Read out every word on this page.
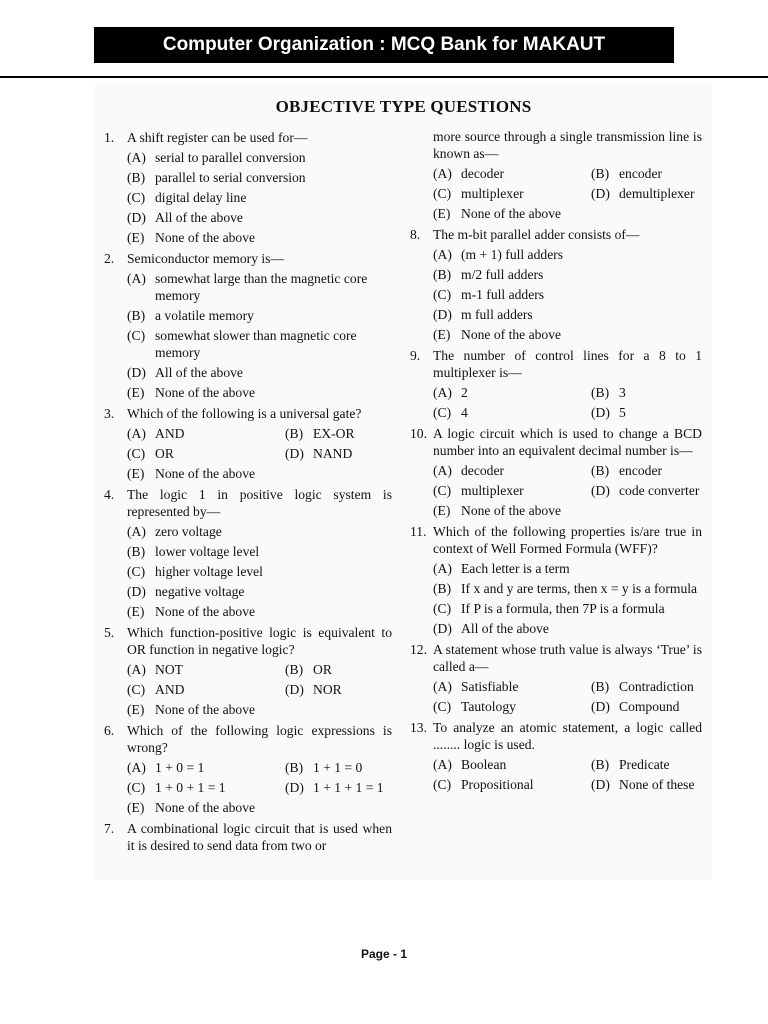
Computer Organization : MCQ Bank for MAKAUT
OBJECTIVE TYPE QUESTIONS
1. A shift register can be used for—
(A) serial to parallel conversion
(B) parallel to serial conversion
(C) digital delay line
(D) All of the above
(E) None of the above
2. Semiconductor memory is—
(A) somewhat large than the magnetic core memory
(B) a volatile memory
(C) somewhat slower than magnetic core memory
(D) All of the above
(E) None of the above
3. Which of the following is a universal gate?
(A) AND	(B) EX-OR
(C) OR	(D) NAND
(E) None of the above
4. The logic 1 in positive logic system is represented by—
(A) zero voltage
(B) lower voltage level
(C) higher voltage level
(D) negative voltage
(E) None of the above
5. Which function-positive logic is equivalent to OR function in negative logic?
(A) NOT	(B) OR
(C) AND	(D) NOR
(E) None of the above
6. Which of the following logic expressions is wrong?
(A) 1 + 0 = 1	(B) 1 + 1 = 0
(C) 1 + 0 + 1 = 1	(D) 1 + 1 + 1 = 1
(E) None of the above
7. A combinational logic circuit that is used when it is desired to send data from two or
more source through a single transmission line is known as—
(A) decoder	(B) encoder
(C) multiplexer	(D) demultiplexer
(E) None of the above
8. The m-bit parallel adder consists of—
(A) (m + 1) full adders
(B) m/2 full adders
(C) m-1 full adders
(D) m full adders
(E) None of the above
9. The number of control lines for a 8 to 1 multiplexer is—
(A) 2	(B) 3
(C) 4	(D) 5
10. A logic circuit which is used to change a BCD number into an equivalent decimal number is—
(A) decoder	(B) encoder
(C) multiplexer	(D) code converter
(E) None of the above
11. Which of the following properties is/are true in context of Well Formed Formula (WFF)?
(A) Each letter is a term
(B) If x and y are terms, then x = y is a formula
(C) If P is a formula, then 7P is a formula
(D) All of the above
12. A statement whose truth value is always ‘True’ is called a—
(A) Satisfiable	(B) Contradiction
(C) Tautology	(D) Compound
13. To analyze an atomic statement, a logic called ........ logic is used.
(A) Boolean	(B) Predicate
(C) Propositional	(D) None of these
Page - 1
